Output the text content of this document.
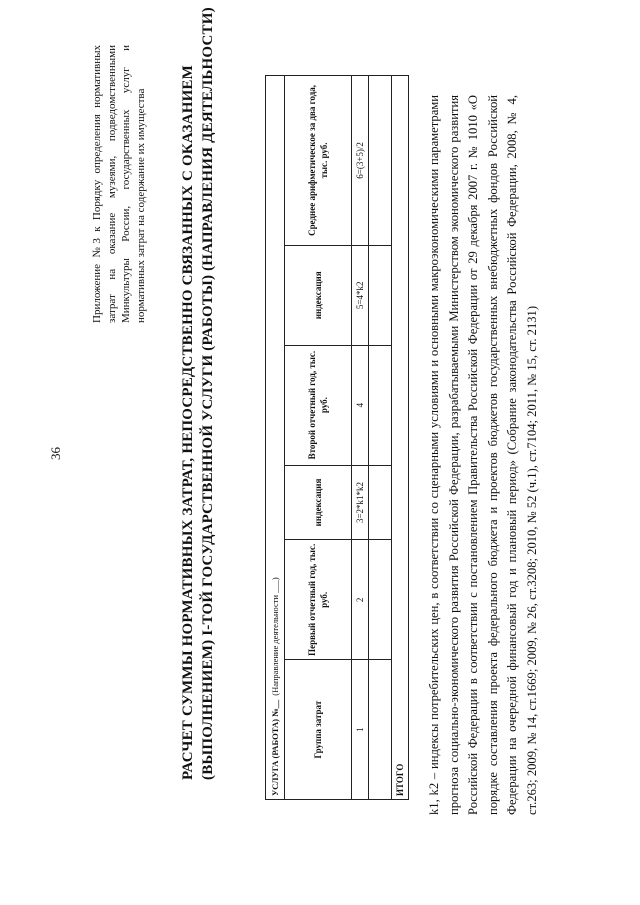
36
Приложение №3 к Порядку определения нормативных затрат на оказание музеями, подведомственными Минкультуры России, государственных услуг и нормативных затрат на содержание их имущества РАСЧЕТ СУММЫ НОРМАТИВНЫХ ЗАТРАТ, НЕПОСРЕДСТВЕННО СВЯЗАННЫХ С ОКАЗАНИЕМ (ВЫПОЛНЕНИЕМ) I-ТОЙ ГОСУДАРСТВЕННОЙ УСЛУГИ (РАБОТЫ) (НАПРАВЛЕНИЯ ДЕЯТЕЛЬНОСТИ)	УСЛУГА (РАБОТА) №__ (Направление деятельности ___)					
Группа затрат	Первый отчетный год, тыс. руб.	индексация	Второй отчетный год, тыс. руб.	индексация	Среднее арифметическое за два года, тыс. руб.
1	2	3=2*k1*k2	4	5=4*k2	6=(3+5)/2

ИТОГО					k1, k2 – индексы потребительских цен, в соответствии со сценарными условиями и основными макроэкономическими параметрами прогноза социально-экономического развития Российской Федерации, разрабатываемыми Министерством экономического развития Российской Федерации в соответствии с постановлением Правительства Российской Федерации от 29 декабря 2007 г. № 1010 «О порядке составления проекта федерального бюджета и проектов бюджетов государственных внебюджетных фондов Российской Федерации на очередной финансовый год и плановый период» (Собрание законодательства Российской Федерации, 2008, № 4, ст.263; 2009, № 14, ст.1669; 2009, № 26, ст.3208; 2010, № 52 (ч.1), ст.7104; 2011, № 15, ст. 2131)
